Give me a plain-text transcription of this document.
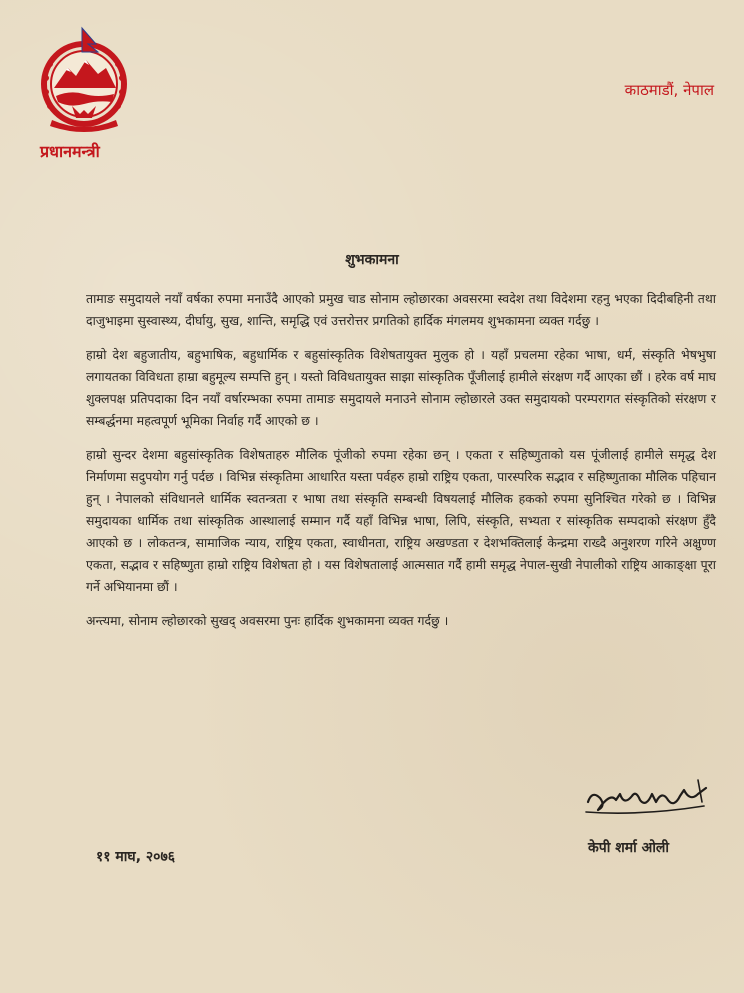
प्रधानमन्त्री

काठमाडौं, नेपाल

शुभकामना

तामाङ समुदायले नयाँ वर्षका रुपमा मनाउँदै आएको प्रमुख चाड सोनाम ल्होछारका अवसरमा स्वदेश तथा विदेशमा रहनु भएका दिदीबहिनी तथा दाजुभाइमा सुस्वास्थ्य, दीर्घायु, सुख, शान्ति, समृद्धि एवं उत्तरोत्तर प्रगतिको हार्दिक मंगलमय शुभकामना व्यक्त गर्दछु ।

हाम्रो देश बहुजातीय, बहुभाषिक, बहुधार्मिक र बहुसांस्कृतिक विशेषतायुक्त मुलुक हो । यहाँ प्रचलमा रहेका भाषा, धर्म, संस्कृति भेषभुषा लगायतका विविधता हाम्रा बहुमूल्य सम्पत्ति हुन् । यस्तो विविधतायुक्त साझा सांस्कृतिक पूँजीलाई हामीले संरक्षण गर्दै आएका छौं । हरेक वर्ष माघ शुक्लपक्ष प्रतिपदाका दिन नयाँ वर्षारम्भका रुपमा तामाङ समुदायले मनाउने सोनाम ल्होछारले उक्त समुदायको परम्परागत संस्कृतिको संरक्षण र सम्बर्द्धनमा महत्वपूर्ण भूमिका निर्वाह गर्दै आएको छ ।

हाम्रो सुन्दर देशमा बहुसांस्कृतिक विशेषताहरु मौलिक पूंजीको रुपमा रहेका छन् । एकता र सहिष्णुताको यस पूंजीलाई हामीले समृद्ध देश निर्माणमा सदुपयोग गर्नु पर्दछ । विभिन्न संस्कृतिमा आधारित यस्ता पर्वहरु हाम्रो राष्ट्रिय एकता, पारस्परिक सद्भाव र सहिष्णुताका मौलिक पहिचान हुन् । नेपालको संविधानले धार्मिक स्वतन्त्रता र भाषा तथा संस्कृति सम्बन्धी विषयलाई मौलिक हकको रुपमा सुनिश्चित गरेको छ । विभिन्न समुदायका धार्मिक तथा सांस्कृतिक आस्थालाई सम्मान गर्दै यहाँ विभिन्न भाषा, लिपि, संस्कृति, सभ्यता र सांस्कृतिक सम्पदाको संरक्षण हुँदै आएको छ । लोकतन्त्र, सामाजिक न्याय, राष्ट्रिय एकता, स्वाधीनता, राष्ट्रिय अखण्डता र देशभक्तिलाई केन्द्रमा राख्दै अनुशरण गरिने अक्षुण्ण एकता, सद्भाव र सहिष्णुता हाम्रो राष्ट्रिय विशेषता हो । यस विशेषतालाई आत्मसात गर्दै हामी समृद्ध नेपाल-सुखी नेपालीको राष्ट्रिय आकाङ्क्षा पूरा गर्ने अभियानमा छौं ।

अन्त्यमा, सोनाम ल्होछारको सुखद् अवसरमा पुनः हार्दिक शुभकामना व्यक्त गर्दछु ।

११ माघ, २०७६

केपी शर्मा ओली
